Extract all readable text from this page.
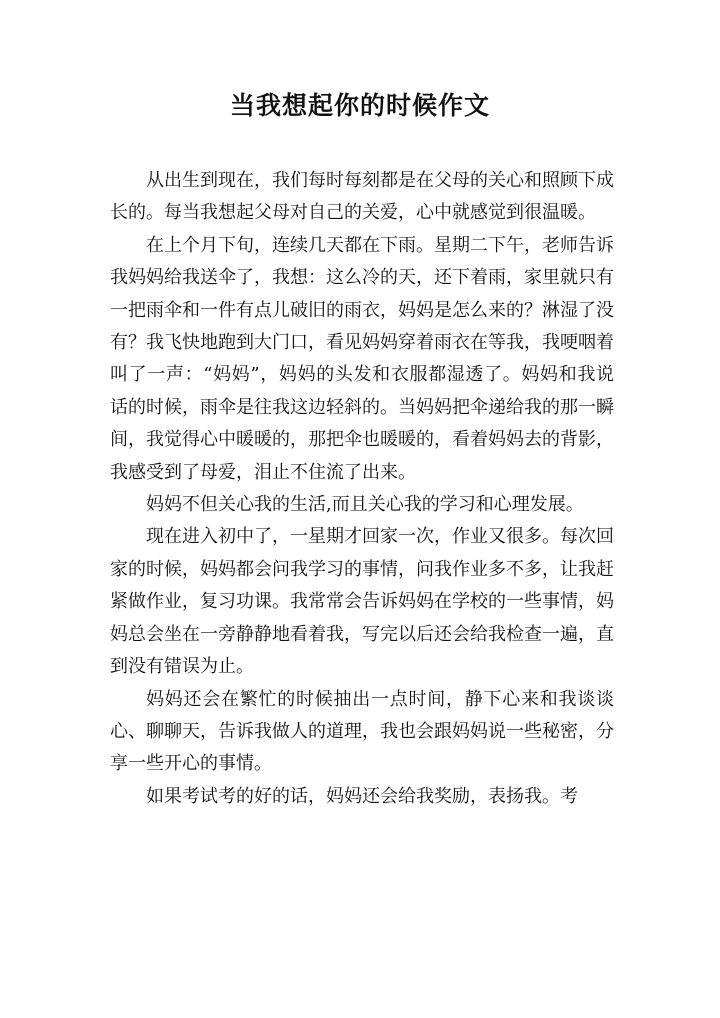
当我想起你的时候作文

从出生到现在，我们每时每刻都是在父母的关心和照顾下成长的。每当我想起父母对自己的关爱，心中就感觉到很温暖。

在上个月下旬，连续几天都在下雨。星期二下午，老师告诉我妈妈给我送伞了，我想：这么冷的天，还下着雨，家里就只有一把雨伞和一件有点儿破旧的雨衣，妈妈是怎么来的？淋湿了没有？我飞快地跑到大门口，看见妈妈穿着雨衣在等我，我哽咽着叫了一声：“妈妈”，妈妈的头发和衣服都湿透了。妈妈和我说话的时候，雨伞是往我这边轻斜的。当妈妈把伞递给我的那一瞬间，我觉得心中暖暖的，那把伞也暖暖的，看着妈妈去的背影，我感受到了母爱，泪止不住流了出来。

妈妈不但关心我的生活,而且关心我的学习和心理发展。

现在进入初中了，一星期才回家一次，作业又很多。每次回家的时候，妈妈都会问我学习的事情，问我作业多不多，让我赶紧做作业，复习功课。我常常会告诉妈妈在学校的一些事情，妈妈总会坐在一旁静静地看着我，写完以后还会给我检查一遍，直到没有错误为止。

妈妈还会在繁忙的时候抽出一点时间，静下心来和我谈谈心、聊聊天，告诉我做人的道理，我也会跟妈妈说一些秘密，分享一些开心的事情。

如果考试考的好的话，妈妈还会给我奖励，表扬我。考
